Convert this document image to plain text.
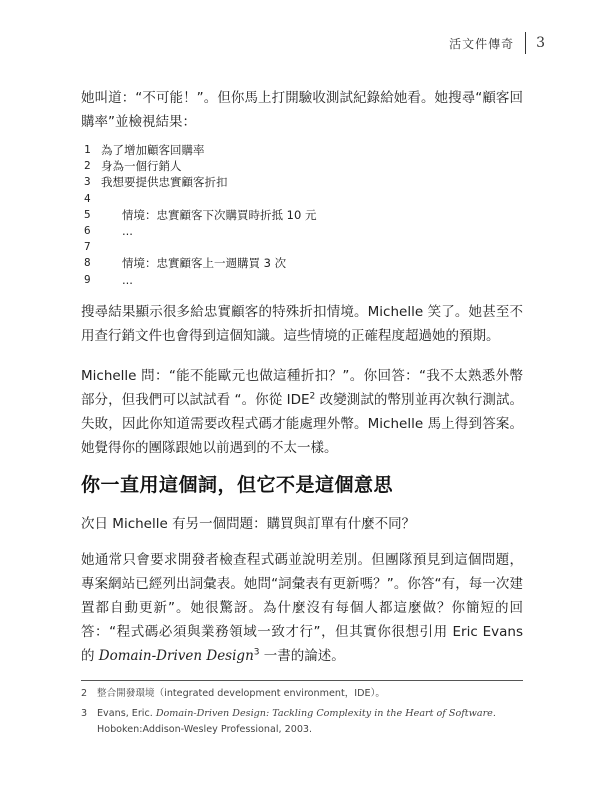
活文件傳奇 3

她叫道：“不可能！”。但你馬上打開驗收測試紀錄給她看。她搜尋“顧客回購率”並檢視結果：

1 為了增加顧客回購率
2 身為一個行銷人
3 我想要提供忠實顧客折扣
4
5	情境：忠實顧客下次購買時折抵 10 元
6	...
7
8	情境：忠實顧客上一週購買 3 次
9	...

搜尋結果顯示很多給忠實顧客的特殊折扣情境。Michelle 笑了。她甚至不用查行銷文件也會得到這個知識。這些情境的正確程度超過她的預期。

Michelle 問：“能不能歐元也做這種折扣？”。你回答：“我不太熟悉外幣部分，但我們可以試試看 “。你從 IDE$^2$ 改變測試的幣別並再次執行測試。失敗，因此你知道需要改程式碼才能處理外幣。Michelle 馬上得到答案。她覺得你的團隊跟她以前遇到的不太一樣。

你一直用這個詞，但它不是這個意思

次日 Michelle 有另一個問題：購買與訂單有什麼不同？

她通常只會要求開發者檢查程式碼並說明差別。但團隊預見到這個問題，專案網站已經列出詞彙表。她問“詞彙表有更新嗎？”。你答“有，每一次建置都自動更新”。她很驚訝。為什麼沒有每個人都這麼做？你簡短的回答：“程式碼必須與業務領域一致才行”，但其實你很想引用 Eric Evans 的 Domain-Driven Design$^3$ 一書的論述。

2	整合開發環境（integrated development environment，IDE）。
3	Evans, Eric. Domain-Driven Design: Tackling Complexity in the Heart of Software. Hoboken:Addison-Wesley Professional, 2003.
